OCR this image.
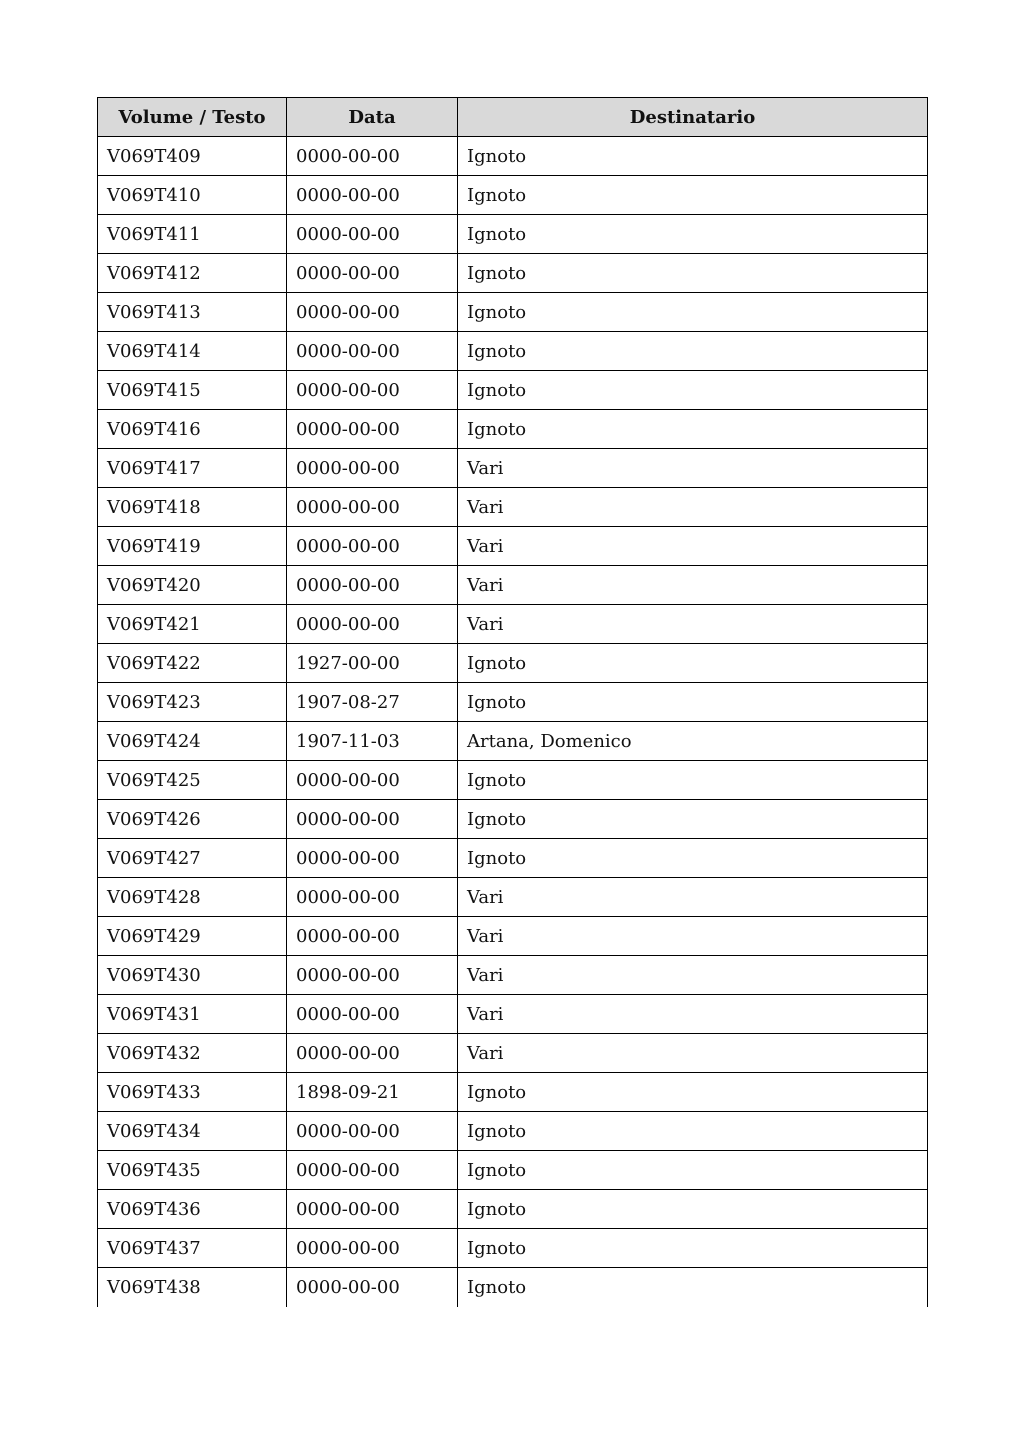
Volume / Testo	Data	Destinatario
V069T409	0000-00-00	Ignoto
V069T410	0000-00-00	Ignoto
V069T411	0000-00-00	Ignoto
V069T412	0000-00-00	Ignoto
V069T413	0000-00-00	Ignoto
V069T414	0000-00-00	Ignoto
V069T415	0000-00-00	Ignoto
V069T416	0000-00-00	Ignoto
V069T417	0000-00-00	Vari
V069T418	0000-00-00	Vari
V069T419	0000-00-00	Vari
V069T420	0000-00-00	Vari
V069T421	0000-00-00	Vari
V069T422	1927-00-00	Ignoto
V069T423	1907-08-27	Ignoto
V069T424	1907-11-03	Artana, Domenico
V069T425	0000-00-00	Ignoto
V069T426	0000-00-00	Ignoto
V069T427	0000-00-00	Ignoto
V069T428	0000-00-00	Vari
V069T429	0000-00-00	Vari
V069T430	0000-00-00	Vari
V069T431	0000-00-00	Vari
V069T432	0000-00-00	Vari
V069T433	1898-09-21	Ignoto
V069T434	0000-00-00	Ignoto
V069T435	0000-00-00	Ignoto
V069T436	0000-00-00	Ignoto
V069T437	0000-00-00	Ignoto
V069T438	0000-00-00	Ignoto
